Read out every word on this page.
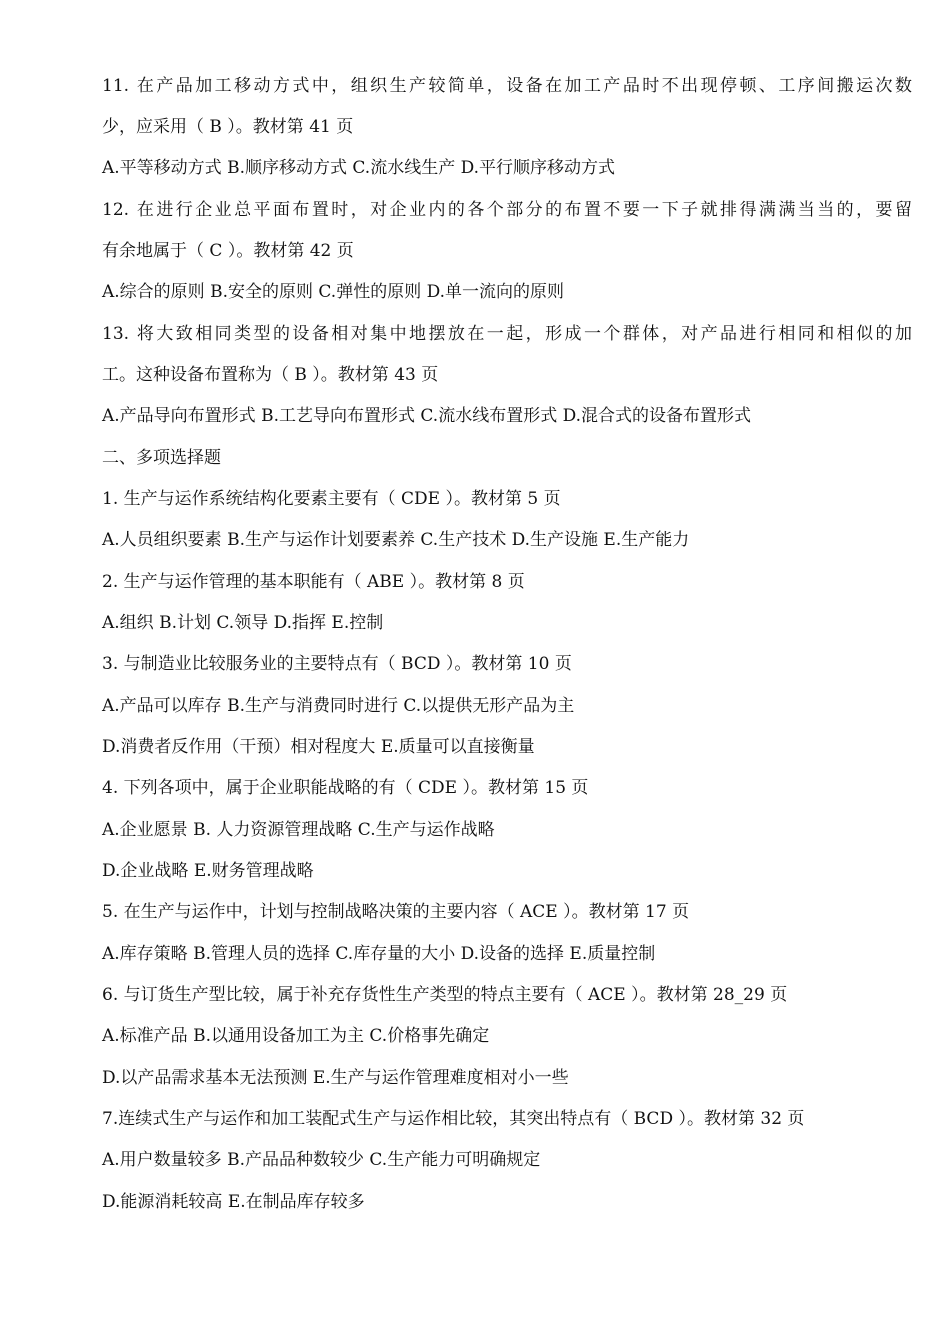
11. 在产品加工移动方式中，组织生产较简单，设备在加工产品时不出现停顿、工序间搬运次数
少，应采用（ B ）。教材第 41 页
A.平等移动方式 B.顺序移动方式 C.流水线生产 D.平行顺序移动方式
12. 在进行企业总平面布置时，对企业内的各个部分的布置不要一下子就排得满满当当的，要留
有余地属于（ C ）。教材第 42 页
A.综合的原则 B.安全的原则 C.弹性的原则 D.单一流向的原则
13. 将大致相同类型的设备相对集中地摆放在一起，形成一个群体，对产品进行相同和相似的加
工。这种设备布置称为（ B ）。教材第 43 页
A.产品导向布置形式 B.工艺导向布置形式 C.流水线布置形式 D.混合式的设备布置形式
二、多项选择题
1. 生产与运作系统结构化要素主要有（ CDE ）。教材第 5 页
A.人员组织要素 B.生产与运作计划要素养 C.生产技术 D.生产设施 E.生产能力
2. 生产与运作管理的基本职能有（ ABE ）。教材第 8 页
A.组织 B.计划 C.领导 D.指挥 E.控制
3. 与制造业比较服务业的主要特点有（ BCD ）。教材第 10 页
A.产品可以库存 B.生产与消费同时进行 C.以提供无形产品为主
D.消费者反作用（干预）相对程度大 E.质量可以直接衡量
4. 下列各项中，属于企业职能战略的有（ CDE ）。教材第 15 页
A.企业愿景 B. 人力资源管理战略 C.生产与运作战略
D.企业战略 E.财务管理战略
5. 在生产与运作中，计划与控制战略决策的主要内容（ ACE ）。教材第 17 页
A.库存策略 B.管理人员的选择 C.库存量的大小 D.设备的选择 E.质量控制
6. 与订货生产型比较，属于补充存货性生产类型的特点主要有（ ACE ）。教材第 28_29 页
A.标准产品 B.以通用设备加工为主 C.价格事先确定
D.以产品需求基本无法预测 E.生产与运作管理难度相对小一些
7.连续式生产与运作和加工装配式生产与运作相比较，其突出特点有（ BCD ）。教材第 32 页
A.用户数量较多 B.产品品种数较少 C.生产能力可明确规定
D.能源消耗较高 E.在制品库存较多
